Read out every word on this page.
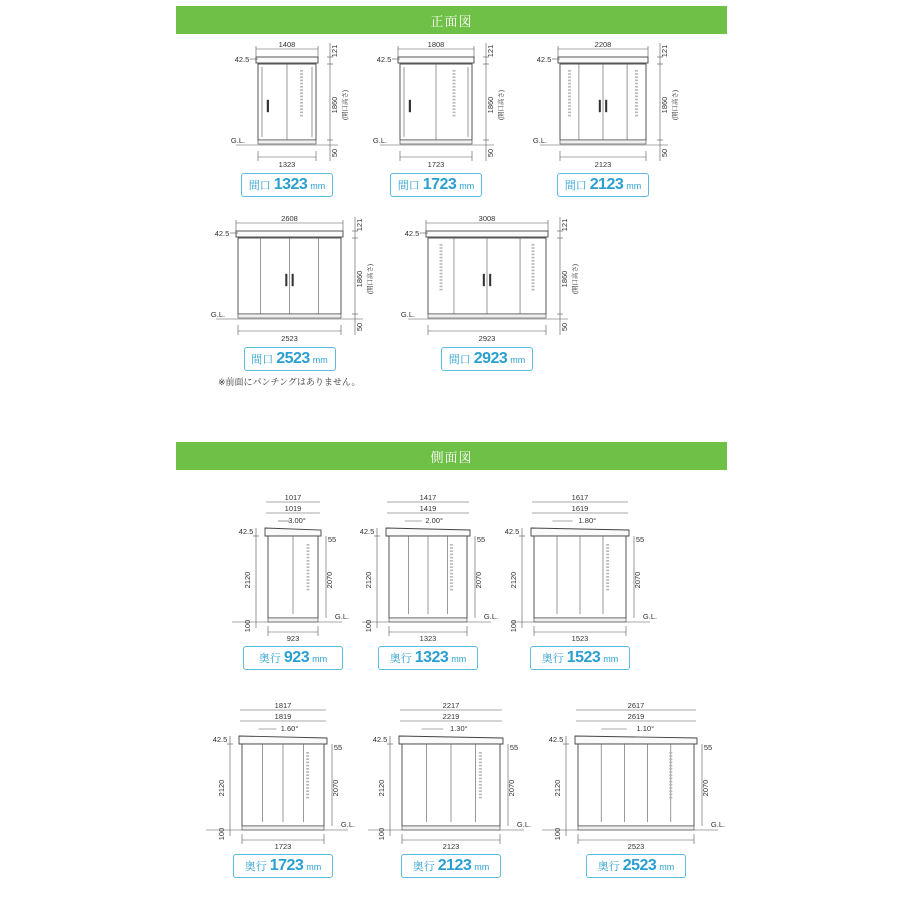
正面図
1408
G.L.
42.5
1323
121
1860 (開口高さ)
50
間口 1323 mm
1808
G.L.
42.5
1723
121
1860 (開口高さ)
50
間口 1723 mm
2208
G.L.
42.5
2123
121
1860 (開口高さ)
50
間口 2123 mm
2608
G.L.
42.5
2523
121
1860 (開口高さ)
50
間口 2523 mm
3008
G.L.
42.5
2923
121
1860 (開口高さ)
50
間口 2923 mm
※前面にパンチングはありません。
側面図
1017
1019
3.00°
G.L.
42.5
2120
100
55
2070
923
奥行 923 mm
1417
1419
2.00°
G.L.
42.5
2120
100
55
2070
1323
奥行 1323 mm
1617
1619
1.80°
G.L.
42.5
2120
100
55
2070
1523
奥行 1523 mm
1817
1819
1.60°
G.L.
42.5
2120
100
55
2070
1723
奥行 1723 mm
2217
2219
1.30°
G.L.
42.5
2120
100
55
2070
2123
奥行 2123 mm
2617
2619
1.10°
G.L.
42.5
2120
100
55
2070
2523
奥行 2523 mm
